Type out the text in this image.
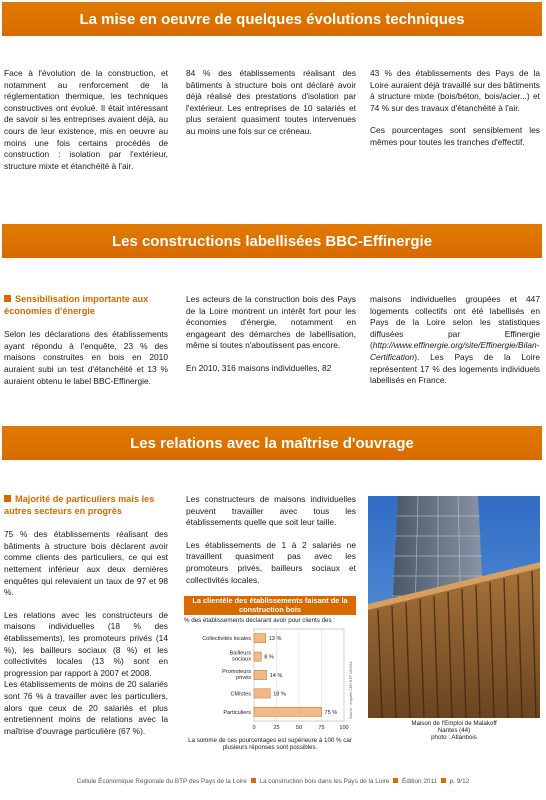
La mise en oeuvre de quelques évolutions techniques

Face à l'évolution de la construction, et notamment au renforcement de la réglementation thermique, les techniques constructives ont évolué. Il était intéressant de savoir si les entreprises avaient déjà, au cours de leur existence, mis en oeuvre au moins une fois certains procédés de construction : isolation par l'extérieur, structure mixte et étanchéité à l'air.

84 % des établissements réalisant des bâtiments à structure bois ont déclaré avoir déjà réalisé des prestations d'isolation par l'extérieur. Les entreprises de 10 salariés et plus seraient quasiment toutes intervenues au moins une fois sur ce créneau.

43 % des établissements des Pays de la Loire auraient déjà travaillé sur des bâtiments à structure mixte (bois/béton, bois/acier...) et 74 % sur des travaux d'étanchéité à l'air.

Ces pourcentages sont sensiblement les mêmes pour toutes les tranches d'effectif.

Les constructions labellisées BBC-Effinergie
Sensibilisation importante aux économies d'énergie

Selon les déclarations des établissements ayant répondu à l'enquête, 23 % des maisons construites en bois en 2010 auraient subi un test d'étanchéité et 13 % auraient obtenu le label BBC-Effinergie.

Les acteurs de la construction bois des Pays de la Loire montrent un intérêt fort pour les économies d'énergie, notamment en engageant des démarches de labellisation, même si toutes n'aboutissent pas encore.

En 2010, 316 maisons individuelles, 82

maisons individuelles groupées et 447 logements collectifs ont été labellisés en Pays de la Loire selon les statistiques diffusées par Effinergie (http://www.effinergie.org/site/Effinergie/Bilan-Certification). Les Pays de la Loire représentent 17 % des logements individuels labellisés en France.

Les relations avec la maîtrise d'ouvrage
Majorité de particuliers mais les autres secteurs en progrès

75 % des établissements réalisant des bâtiments à structure bois déclarent avoir comme clients des particuliers, ce qui est nettement inférieur aux deux dernières enquêtes qui relevaient un taux de 97 et 98 %.

Les relations avec les constructeurs de maisons individuelles (18 % des établissements), les promoteurs privés (14 %), les bailleurs sociaux (8 %) et les collectivités locales (13 %) sont en progression par rapport à 2007 et 2008.

Les établissements de moins de 20 salariés sont 76 % à travailler avec les particuliers, alors que ceux de 20 salariés et plus entretiennent moins de relations avec la maîtrise d'ouvrage particulière (67 %).

Les constructeurs de maisons individuelles peuvent travailler avec tous les établissements quelle que soit leur taille.

Les établissements de 1 à 2 salariés ne travaillent quasiment pas avec les promoteurs privés, bailleurs sociaux et collectivités locales.

La clientèle des établissements faisant de la construction bois
% des établissements déclarant avoir pour clients des :
0	25	50	75	100
Collectivités locales	13 %
Bailleurs
sociaux 8 %
Promoteurs
privés	14 %
CMIstes	18 %
Particuliers	75 %	Source : enquête CER BTP 2010/11
La somme de ces pourcentages est supérieure à 100 % car plusieurs réponses sont possibles.
Maison de l'Emploi de Malakoff
Nantes (44)
photo : Atlanbois
Cellule Économique Régionale du BTP des Pays de la Loire La construction bois dans les Pays de la Loire Édition 2011 p. 9/12
